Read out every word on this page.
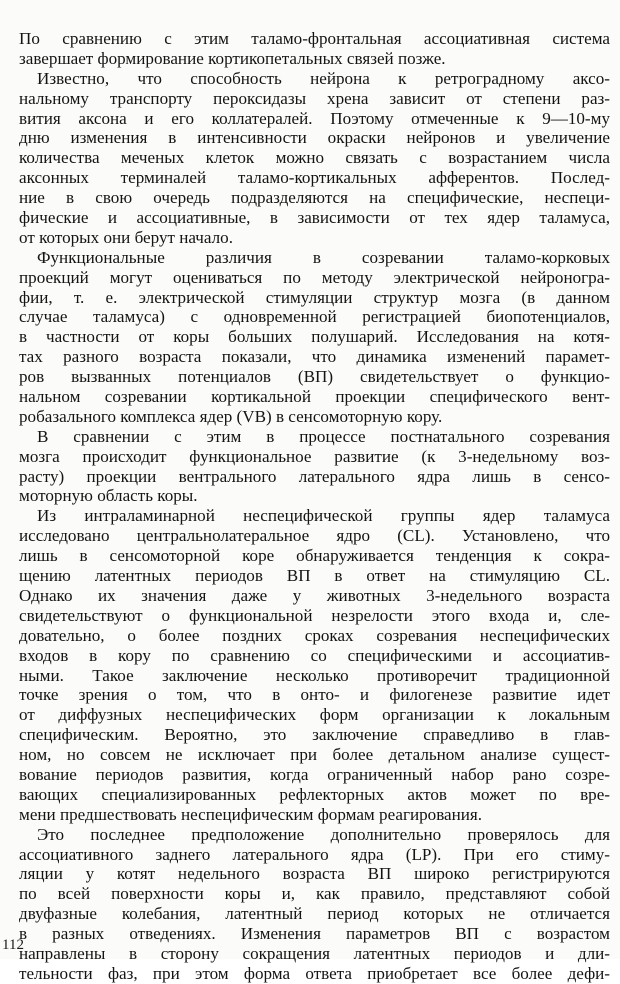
По сравнению с этим таламо-фронтальная ассоциативная система
завершает формирование кортикопетальных связей позже.
Известно, что способность нейрона к ретроградному аксо-
нальному транспорту пероксидазы хрена зависит от степени раз-
вития аксона и его коллатералей. Поэтому отмеченные к 9—10-му
дню изменения в интенсивности окраски нейронов и увеличение
количества меченых клеток можно связать с возрастанием числа
аксонных терминалей таламо-кортикальных афферентов. Послед-
ние в свою очередь подразделяются на специфические, неспеци-
фические и ассоциативные, в зависимости от тех ядер таламуса,
от которых они берут начало.
Функциональные различия в созревании таламо-корковых
проекций могут оцениваться по методу электрической нейроногра-
фии, т. е. электрической стимуляции структур мозга (в данном
случае таламуса) с одновременной регистрацией биопотенциалов,
в частности от коры больших полушарий. Исследования на котя-
тах разного возраста показали, что динамика изменений парамет-
ров вызванных потенциалов (ВП) свидетельствует о функцио-
нальном созревании кортикальной проекции специфического вент-
робазального комплекса ядер (VB) в сенсомоторную кору.
В сравнении с этим в процессе постнатального созревания
мозга происходит функциональное развитие (к 3-недельному воз-
расту) проекции вентрального латерального ядра лишь в сенсо-
моторную область коры.
Из интраламинарной неспецифической группы ядер таламуса
исследовано центральнолатеральное ядро (CL). Установлено, что
лишь в сенсомоторной коре обнаруживается тенденция к сокра-
щению латентных периодов ВП в ответ на стимуляцию CL.
Однако их значения даже у животных 3-недельного возраста
свидетельствуют о функциональной незрелости этого входа и, сле-
довательно, о более поздних сроках созревания неспецифических
входов в кору по сравнению со специфическими и ассоциатив-
ными. Такое заключение несколько противоречит традиционной
точке зрения о том, что в онто- и филогенезе развитие идет
от диффузных неспецифических форм организации к локальным
специфическим. Вероятно, это заключение справедливо в глав-
ном, но совсем не исключает при более детальном анализе сущест-
вование периодов развития, когда ограниченный набор рано созре-
вающих специализированных рефлекторных актов может по вре-
мени предшествовать неспецифическим формам реагирования.
Это последнее предположение дополнительно проверялось для
ассоциативного заднего латерального ядра (LP). При его стиму-
ляции у котят недельного возраста ВП широко регистрируются
по всей поверхности коры и, как правило, представляют собой
двуфазные колебания, латентный период которых не отличается
в разных отведениях. Изменения параметров ВП с возрастом
направлены в сторону сокращения латентных периодов и дли-
тельности фаз, при этом форма ответа приобретает все более дефи-
112
